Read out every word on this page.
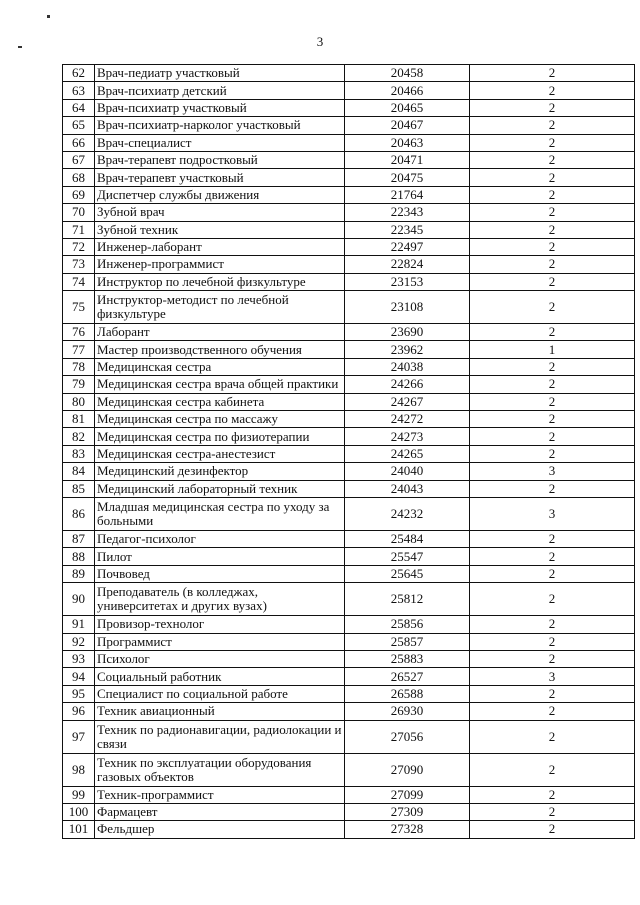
3
62	Врач-педиатр участковый	20458	2
63	Врач-психиатр детский	20466	2
64	Врач-психиатр участковый	20465	2
65	Врач-психиатр-нарколог участковый	20467	2
66	Врач-специалист	20463	2
67	Врач-терапевт подростковый	20471	2
68	Врач-терапевт участковый	20475	2
69	Диспетчер службы движения	21764	2
70	Зубной врач	22343	2
71	Зубной техник	22345	2
72	Инженер-лаборант	22497	2
73	Инженер-программист	22824	2
74	Инструктор по лечебной физкультуре	23153	2
75	Инструктор-методист по лечебной физкультуре	23108	2
76	Лаборант	23690	2
77	Мастер производственного обучения	23962	1
78	Медицинская сестра	24038	2
79	Медицинская сестра врача общей практики	24266	2
80	Медицинская сестра кабинета	24267	2
81	Медицинская сестра по массажу	24272	2
82	Медицинская сестра по физиотерапии	24273	2
83	Медицинская сестра-анестезист	24265	2
84	Медицинский дезинфектор	24040	3
85	Медицинский лабораторный техник	24043	2
86	Младшая медицинская сестра по уходу за больными	24232	3
87	Педагог-психолог	25484	2
88	Пилот	25547	2
89	Почвовед	25645	2
90	Преподаватель (в колледжах, университетах и других вузах)	25812	2
91	Провизор-технолог	25856	2
92	Программист	25857	2
93	Психолог	25883	2
94	Социальный работник	26527	3
95	Специалист по социальной работе	26588	2
96	Техник авиационный	26930	2
97	Техник по радионавигации, радиолокации и связи	27056	2
98	Техник по эксплуатации оборудования газовых объектов	27090	2
99	Техник-программист	27099	2
100	Фармацевт	27309	2
101	Фельдшер	27328	2
